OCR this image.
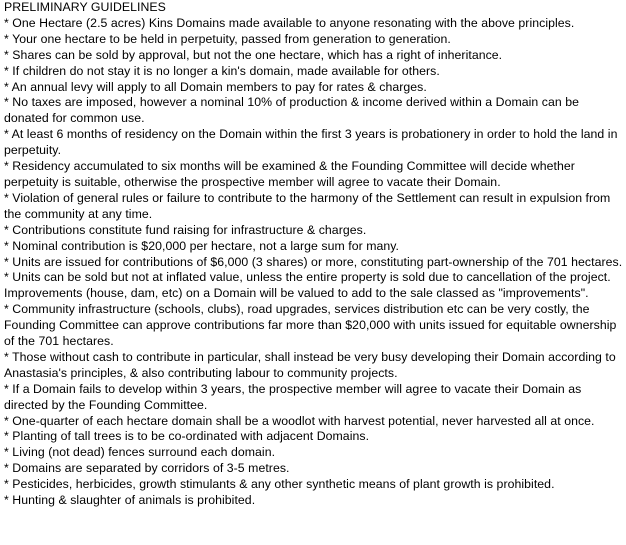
PRELIMINARY GUIDELINES
* One Hectare (2.5 acres) Kins Domains made available to anyone resonating with the above principles.
* Your one hectare to be held in perpetuity, passed from generation to generation.
* Shares can be sold by approval, but not the one hectare, which has a right of inheritance.
* If children do not stay it is no longer a kin's domain, made available for others.
* An annual levy will apply to all Domain members to pay for rates & charges.
* No taxes are imposed, however a nominal 10% of production & income derived within a Domain can be donated for common use.
* At least 6 months of residency on the Domain within the first 3 years is probationery in order to hold the land in perpetuity.
* Residency accumulated to six months will be examined & the Founding Committee will decide whether perpetuity is suitable, otherwise the prospective member will agree to vacate their Domain.
* Violation of general rules or failure to contribute to the harmony of the Settlement can result in expulsion from the community at any time.
* Contributions constitute fund raising for infrastructure & charges.
* Nominal contribution is $20,000 per hectare, not a large sum for many.
* Units are issued for contributions of $6,000 (3 shares) or more, constituting part-ownership of the 701 hectares.
* Units can be sold but not at inflated value, unless the entire property is sold due to cancellation of the project. Improvements (house, dam, etc) on a Domain will be valued to add to the sale classed as "improvements".
* Community infrastructure (schools, clubs), road upgrades, services distribution etc can be very costly, the Founding Committee can approve contributions far more than $20,000 with units issued for equitable ownership of the 701 hectares.
* Those without cash to contribute in particular, shall instead be very busy developing their Domain according to Anastasia's principles, & also contributing labour to community projects.
* If a Domain fails to develop within 3 years, the prospective member will agree to vacate their Domain as directed by the Founding Committee.
* One-quarter of each hectare domain shall be a woodlot with harvest potential, never harvested all at once.
* Planting of tall trees is to be co-ordinated with adjacent Domains.
* Living (not dead) fences surround each domain.
* Domains are separated by corridors of 3-5 metres.
* Pesticides, herbicides, growth stimulants & any other synthetic means of plant growth is prohibited.
* Hunting & slaughter of animals is prohibited.
